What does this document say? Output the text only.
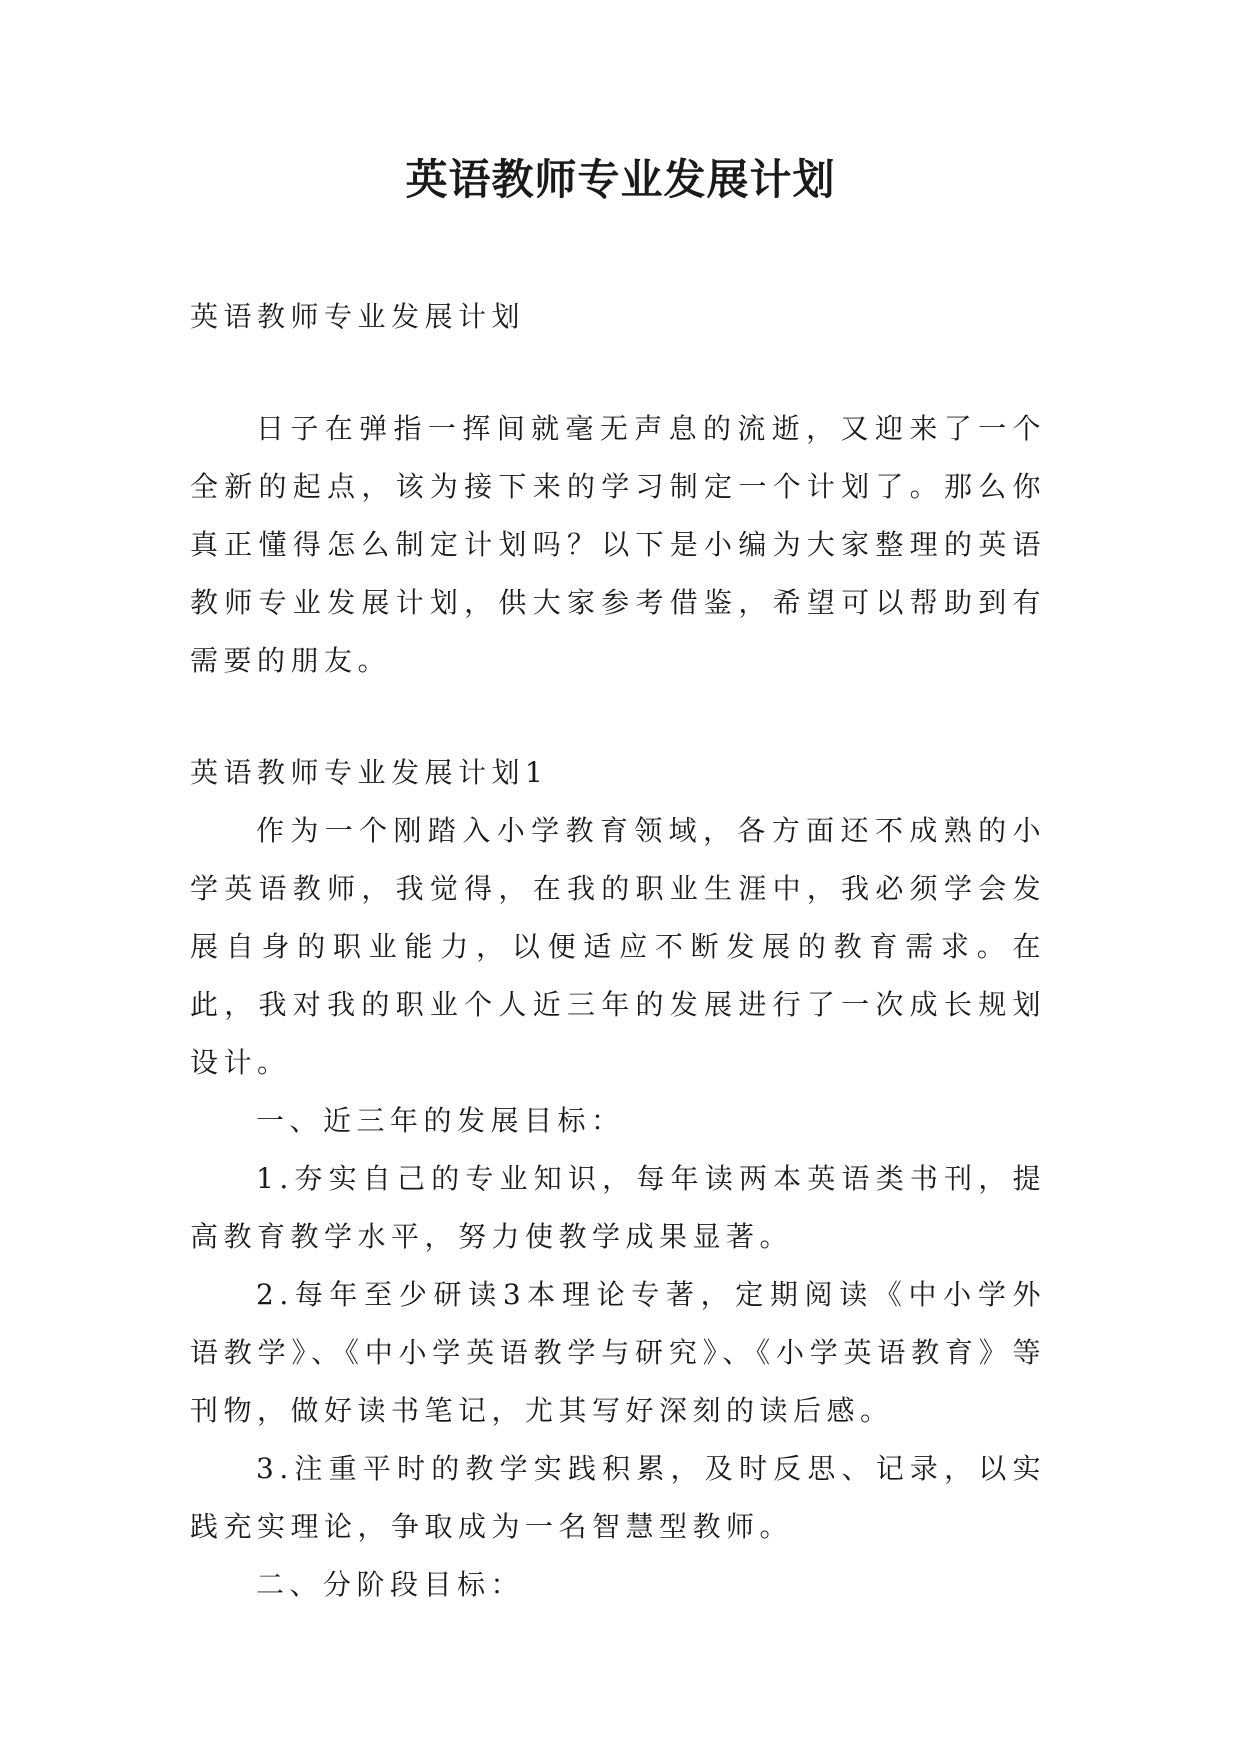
英语教师专业发展计划

英语教师专业发展计划

日子在弹指一挥间就毫无声息的流逝，又迎来了一个全新的起点，该为接下来的学习制定一个计划了。那么你真正懂得怎么制定计划吗？以下是小编为大家整理的英语教师专业发展计划，供大家参考借鉴，希望可以帮助到有需要的朋友。

英语教师专业发展计划1

作为一个刚踏入小学教育领域，各方面还不成熟的小学英语教师，我觉得，在我的职业生涯中，我必须学会发展自身的职业能力，以便适应不断发展的教育需求。在此，我对我的职业个人近三年的发展进行了一次成长规划设计。

一、近三年的发展目标：

1.夯实自己的专业知识，每年读两本英语类书刊，提高教育教学水平，努力使教学成果显著。

2.每年至少研读3本理论专著，定期阅读《中小学外语教学》、《中小学英语教学与研究》、《小学英语教育》等刊物，做好读书笔记，尤其写好深刻的读后感。

3.注重平时的教学实践积累，及时反思、记录，以实践充实理论，争取成为一名智慧型教师。

二、分阶段目标：
